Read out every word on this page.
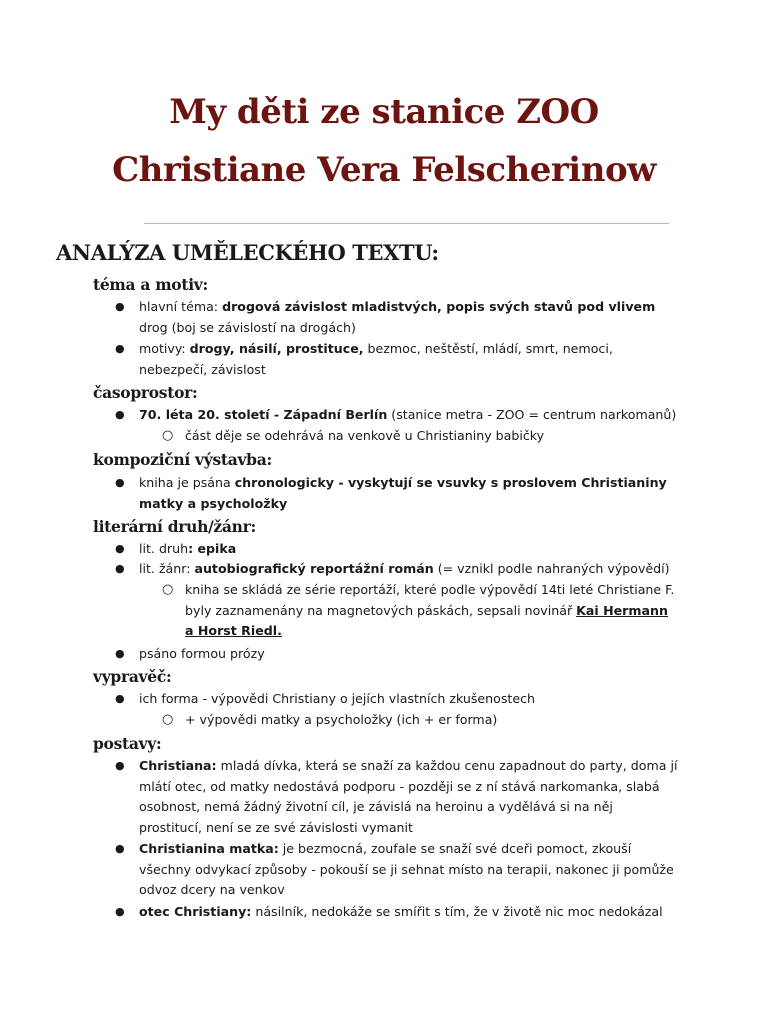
My děti ze stanice ZOO
Christiane Vera Felscherinow
ANALÝZA UMĚLECKÉHO TEXTU:
téma a motiv:
● hlavní téma: drogová závislost mladistvých, popis svých stavů pod vlivem drog (boj se závislostí na drogách)
● motivy: drogy, násilí, prostituce, bezmoc, neštěstí, mládí, smrt, nemoci, nebezpečí, závislost
časoprostor:
● 70. léta 20. století - Západní Berlín (stanice metra - ZOO = centrum narkomanů)
○ část děje se odehrává na venkově u Christianiny babičky
kompoziční výstavba:
● kniha je psána chronologicky - vyskytují se vsuvky s proslovem Christianiny matky a psycholožky
literární druh/žánr:
● lit. druh: epika
● lit. žánr: autobiografický reportážní román (= vznikl podle nahraných výpovědí)
○ kniha se skládá ze série reportáží, které podle výpovědí 14ti leté Christiane F. byly zaznamenány na magnetových páskách, sepsali novinář Kai Hermann a Horst Riedl.
● psáno formou prózy
vypravěč:
● ich forma - výpovědi Christiany o jejích vlastních zkušenostech
○ + výpovědi matky a psycholožky (ich + er forma)
postavy:
● Christiana: mladá dívka, která se snaží za každou cenu zapadnout do party, doma jí mlátí otec, od matky nedostává podporu - později se z ní stává narkomanka, slabá osobnost, nemá žádný životní cíl, je závislá na heroinu a vydělává si na něj prostitucí, není se ze své závislosti vymanit
● Christianina matka: je bezmocná, zoufale se snaží své dceři pomoct, zkouší všechny odvykací způsoby - pokouší se ji sehnat místo na terapii, nakonec ji pomůže odvoz dcery na venkov
● otec Christiany: násilník, nedokáže se smířit s tím, že v životě nic moc nedokázal
